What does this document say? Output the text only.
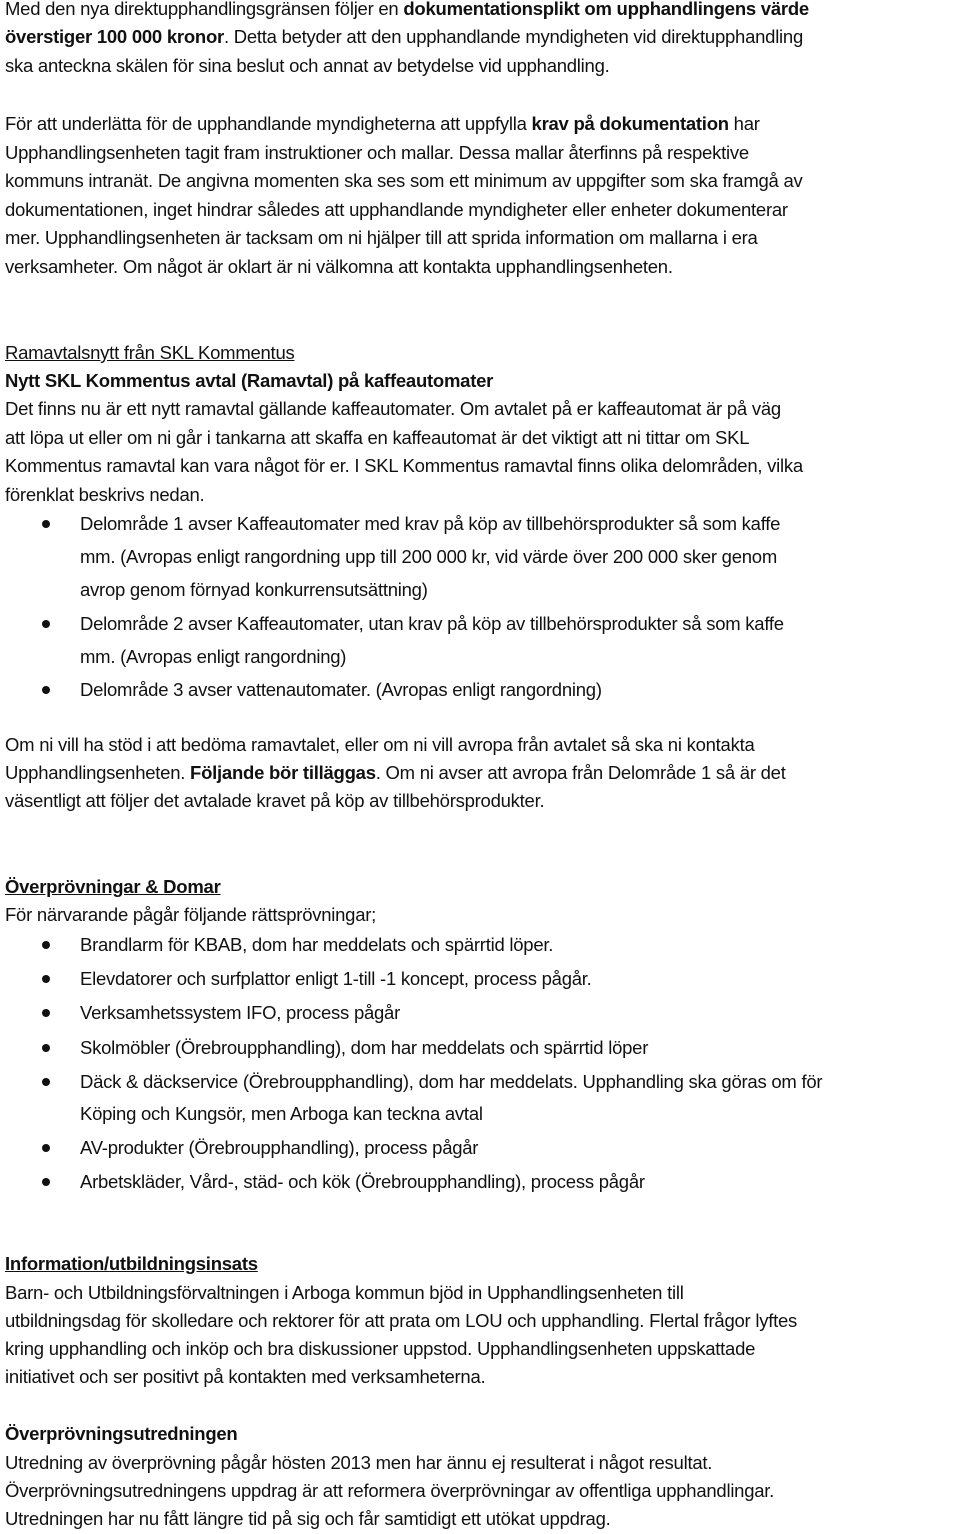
Med den nya direktupphandlingsgränsen följer en dokumentationsplikt om upphandlingens värde
överstiger 100 000 kronor. Detta betyder att den upphandlande myndigheten vid direktupphandling
ska anteckna skälen för sina beslut och annat av betydelse vid upphandling.
För att underlätta för de upphandlande myndigheterna att uppfylla krav på dokumentation har
Upphandlingsenheten tagit fram instruktioner och mallar. Dessa mallar återfinns på respektive
kommuns intranät. De angivna momenten ska ses som ett minimum av uppgifter som ska framgå av
dokumentationen, inget hindrar således att upphandlande myndigheter eller enheter dokumenterar
mer. Upphandlingsenheten är tacksam om ni hjälper till att sprida information om mallarna i era
verksamheter. Om något är oklart är ni välkomna att kontakta upphandlingsenheten.
Ramavtalsnytt från SKL Kommentus
Nytt SKL Kommentus avtal (Ramavtal) på kaffeautomater
Det finns nu är ett nytt ramavtal gällande kaffeautomater. Om avtalet på er kaffeautomat är på väg
att löpa ut eller om ni går i tankarna att skaffa en kaffeautomat är det viktigt att ni tittar om SKL
Kommentus ramavtal kan vara något för er. I SKL Kommentus ramavtal finns olika delområden, vilka
förenklat beskrivs nedan.
Delområde 1 avser Kaffeautomater med krav på köp av tillbehörsprodukter så som kaffe
mm. (Avropas enligt rangordning upp till 200 000 kr, vid värde över 200 000 sker genom
avrop genom förnyad konkurrensutsättning)
Delområde 2 avser Kaffeautomater, utan krav på köp av tillbehörsprodukter så som kaffe
mm. (Avropas enligt rangordning)
Delområde 3 avser vattenautomater. (Avropas enligt rangordning)
Om ni vill ha stöd i att bedöma ramavtalet, eller om ni vill avropa från avtalet så ska ni kontakta
Upphandlingsenheten. Följande bör tilläggas. Om ni avser att avropa från Delområde 1 så är det
väsentligt att följer det avtalade kravet på köp av tillbehörsprodukter.
Överprövningar & Domar
För närvarande pågår följande rättsprövningar;
Brandlarm för KBAB, dom har meddelats och spärrtid löper.
Elevdatorer och surfplattor enligt 1-till -1 koncept, process pågår.
Verksamhetssystem IFO, process pågår
Skolmöbler (Örebroupphandling), dom har meddelats och spärrtid löper
Däck & däckservice (Örebroupphandling), dom har meddelats. Upphandling ska göras om för
Köping och Kungsör, men Arboga kan teckna avtal
AV-produkter (Örebroupphandling), process pågår
Arbetskläder, Vård-, städ- och kök (Örebroupphandling), process pågår
Information/utbildningsinsats
Barn- och Utbildningsförvaltningen i Arboga kommun bjöd in Upphandlingsenheten till
utbildningsdag för skolledare och rektorer för att prata om LOU och upphandling. Flertal frågor lyftes
kring upphandling och inköp och bra diskussioner uppstod. Upphandlingsenheten uppskattade
initiativet och ser positivt på kontakten med verksamheterna.
Överprövningsutredningen
Utredning av överprövning pågår hösten 2013 men har ännu ej resulterat i något resultat.
Överprövningsutredningens uppdrag är att reformera överprövningar av offentliga upphandlingar.
Utredningen har nu fått längre tid på sig och får samtidigt ett utökat uppdrag.
